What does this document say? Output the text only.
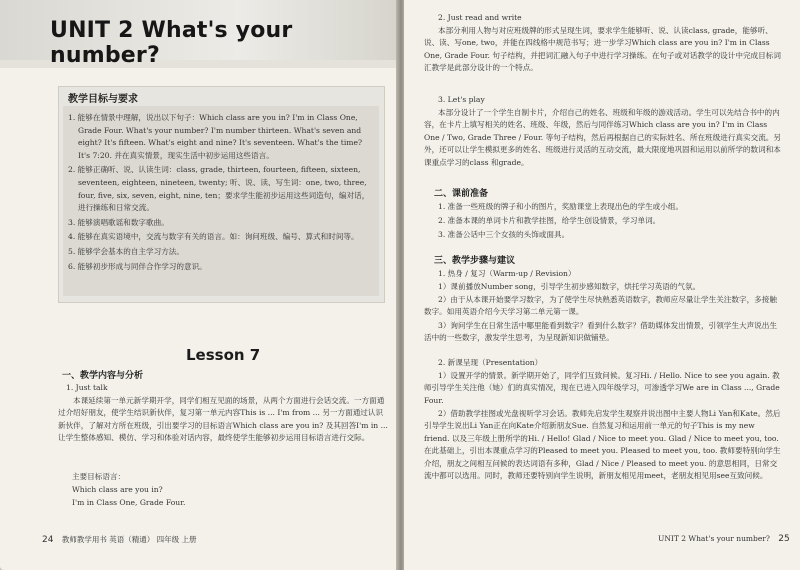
UNIT 2 What's your number?
教学目标与要求
1. 能够在情景中理解，说出以下句子：Which class are you in? I'm in Class One, Grade Four. What's your number? I'm number thirteen. What's seven and eight? It's fifteen. What's eight and nine? It's seventeen. What's the time? It's 7:20. 并在真实情景，现实生活中初步运用这些语言。
2. 能够正确听、说、认读生词：class, grade, thirteen, fourteen, fifteen, sixteen, seventeen, eighteen, nineteen, twenty; 听、说、读、写生词：one, two, three, four, five, six, seven, eight, nine, ten；要求学生能初步运用这些词造句，编对话，进行操练和日常交流。
3. 能够演唱歌谣和数字歌曲。
4. 能够在真实语境中，交流与数字有关的语言。如：询问班级、编号、算式和时间等。
5. 能够学会基本的自主学习方法。
6. 能够初步形成与同伴合作学习的意识。
Lesson 7
一、教学内容与分析
1. Just talk

本课延续第一单元新学期开学，同学们相互见面的场景，从两个方面进行会话交流。一方面通过介绍好朋友，使学生结识新伙伴，复习第一单元内容This is ... I'm from ... 另一方面通过认识新伙伴，了解对方所在班级，引出要学习的目标语言Which class are you in? 及其回答I'm in ... 让学生整体感知、模仿、学习和体验对话内容，最终使学生能够初步运用目标语言进行交际。

主要目标语言：
Which class are you in?
I'm in Class One, Grade Four.
24 教师教学用书 英语（精通） 四年级 上册
2. Just read and write

本部分利用人物与对应班级牌的形式呈现生词，要求学生能够听、说、认读class, grade，能够听、说、读、写one, two，并能在四线格中规范书写；进一步学习Which class are you in? I'm in Class One, Grade Four. 句子结构，并把词汇融入句子中进行学习操练。在句子或对话教学的设计中完成目标词汇教学是此部分设计的一个特点。

3. Let's play

本部分设计了一个学生自制卡片，介绍自己的姓名、班级和年级的游戏活动。学生可以先结合书中的内容，在卡片上填写相关的姓名、班级、年级，然后与同伴练习Which class are you in? I'm in Class One / Two, Grade Three / Four. 等句子结构，然后再根据自己的实际姓名、所在班级进行真实交流。另外，还可以让学生模拟更多的姓名、班级进行灵活的互动交流，最大限度地巩固和运用以前所学的数词和本课重点学习的class 和grade。

二、课前准备
1. 准备一些班级的牌子和小的图片，奖励课堂上表现出色的学生或小组。
2. 准备本课的单词卡片和教学挂图，给学生创设情景，学习单词。
3. 准备公话中三个女孩的头饰或面具。
三、教学步骤与建议
1. 热身 / 复习（Warm-up / Revision）

1）课前播放Number song，引导学生初步感知数字，烘托学习英语的气氛。

2）由于从本课开始要学习数字，为了使学生尽快熟悉英语数字，教师应尽量让学生关注数字，多接触数字。如用英语介绍今天学习第二单元第一课。

3）询问学生在日常生活中哪里能看到数字？看到什么数字？借助媒体发出情景，引领学生大声说出生活中的一些数字，激发学生思考，为呈现新知识做铺垫。

2. 新课呈现（Presentation）

1）设置开学的情景。新学期开始了，同学们互致问候。复习Hi. / Hello. Nice to see you again. 教师引导学生关注他（她）们的真实情况，现在已进入四年级学习，可渗透学习We are in Class ..., Grade Four.

2）借助教学挂图或光盘视听学习会话。教师先启发学生观察并说出图中主要人物Li Yan和Kate。然后引导学生说出Li Yan正在向Kate介绍新朋友Sue. 自然复习和运用前一单元的句子This is my new friend. 以及三年级上册所学的Hi. / Hello! Glad / Nice to meet you. Glad / Nice to meet you, too. 在此基础上，引出本课重点学习的Pleased to meet you. Pleased to meet you, too. 教师要特别向学生介绍，朋友之间相互问候的表达词语有多种，Glad / Nice / Pleased to meet you. 的意思相同，日常交流中都可以选用。同时，教师还要特别向学生说明，新朋友相见用meet，老朋友相见用see互致问候。

UNIT 2 What's your number? 25
